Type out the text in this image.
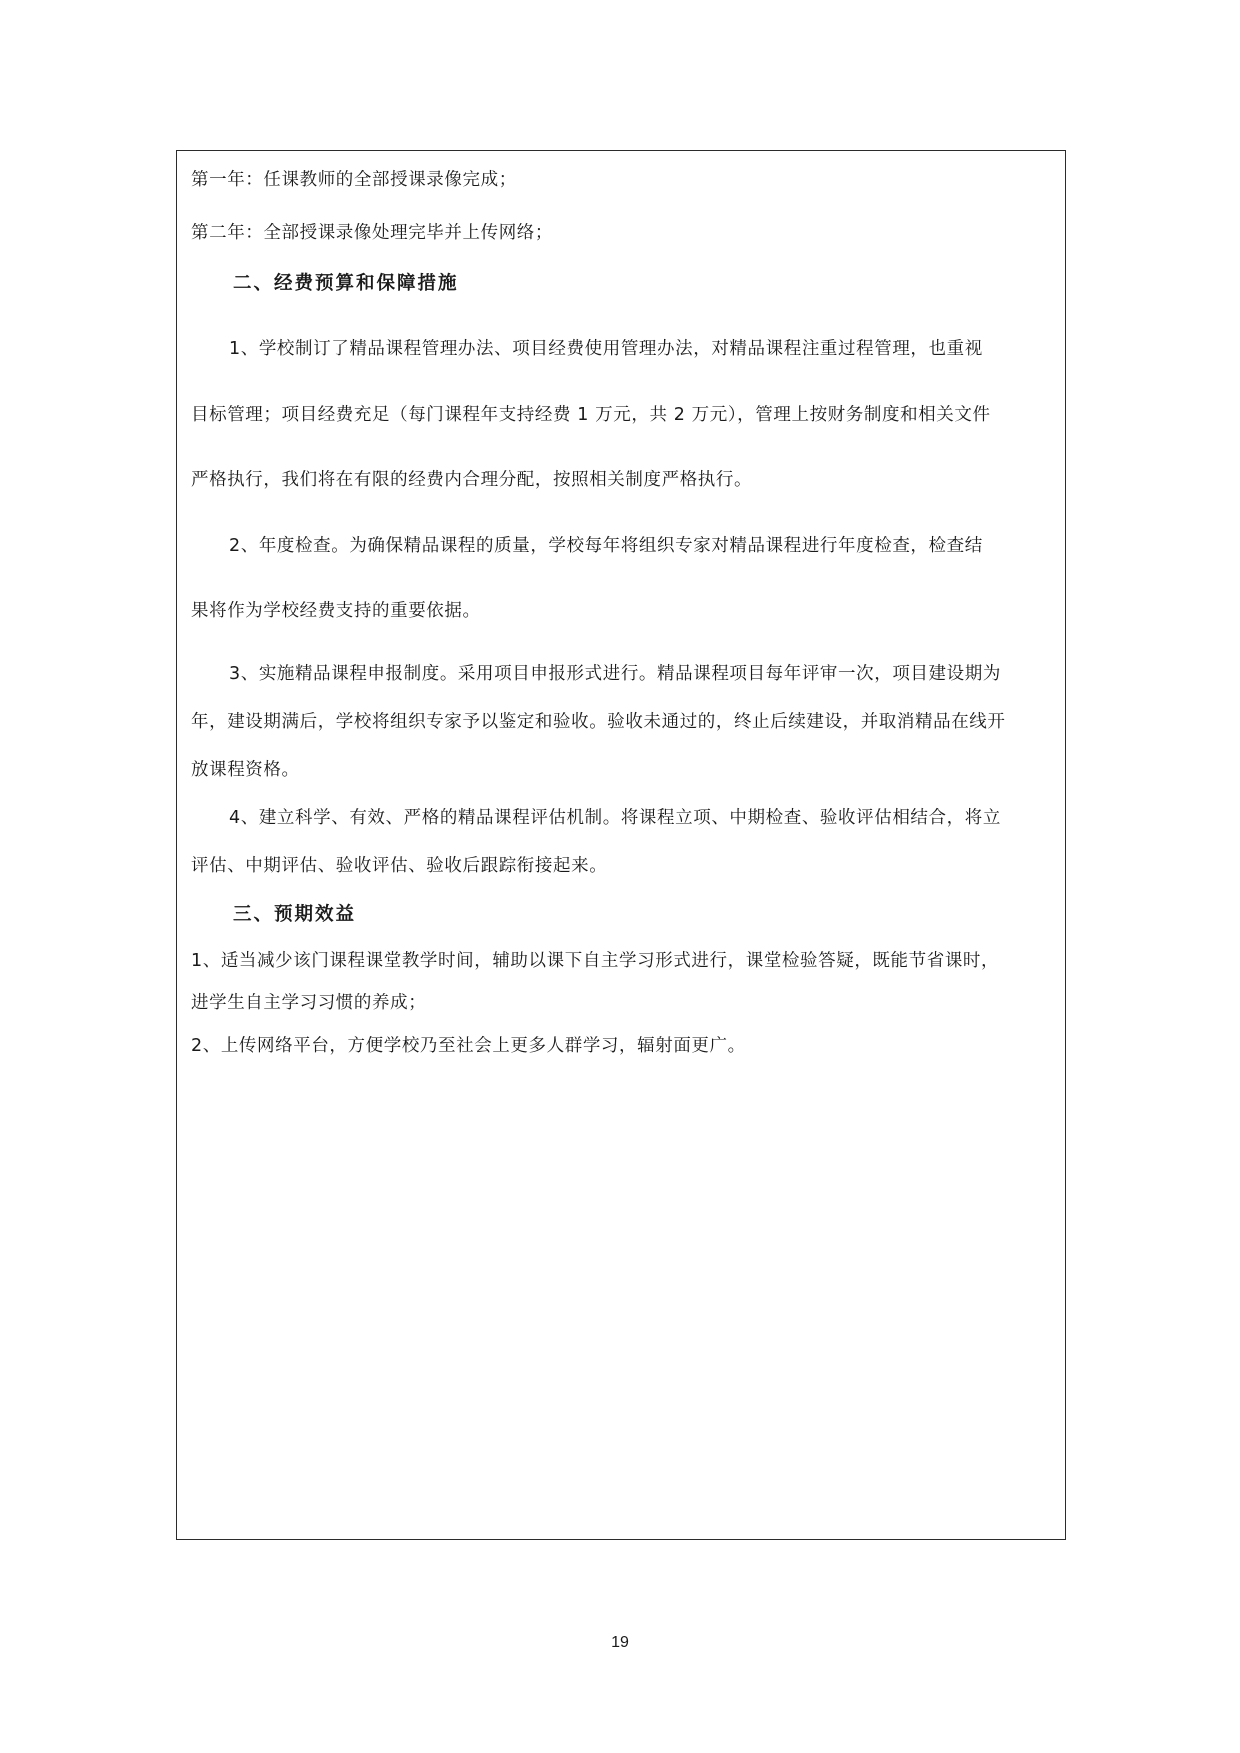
第一年：任课教师的全部授课录像完成；
第二年：全部授课录像处理完毕并上传网络；
二、经费预算和保障措施
1、学校制订了精品课程管理办法、项目经费使用管理办法，对精品课程注重过程管理，也重视
目标管理；项目经费充足（每门课程年支持经费 1 万元，共 2 万元），管理上按财务制度和相关文件
严格执行，我们将在有限的经费内合理分配，按照相关制度严格执行。
2、年度检查。为确保精品课程的质量，学校每年将组织专家对精品课程进行年度检查，检查结
果将作为学校经费支持的重要依据。
3、实施精品课程申报制度。采用项目申报形式进行。精品课程项目每年评审一次，项目建设期为
年，建设期满后，学校将组织专家予以鉴定和验收。验收未通过的，终止后续建设，并取消精品在线开
放课程资格。
4、建立科学、有效、严格的精品课程评估机制。将课程立项、中期检查、验收评估相结合，将立
评估、中期评估、验收评估、验收后跟踪衔接起来。
三、预期效益
1、适当减少该门课程课堂教学时间，辅助以课下自主学习形式进行，课堂检验答疑，既能节省课时，
进学生自主学习习惯的养成；
2、上传网络平台，方便学校乃至社会上更多人群学习，辐射面更广。
19
